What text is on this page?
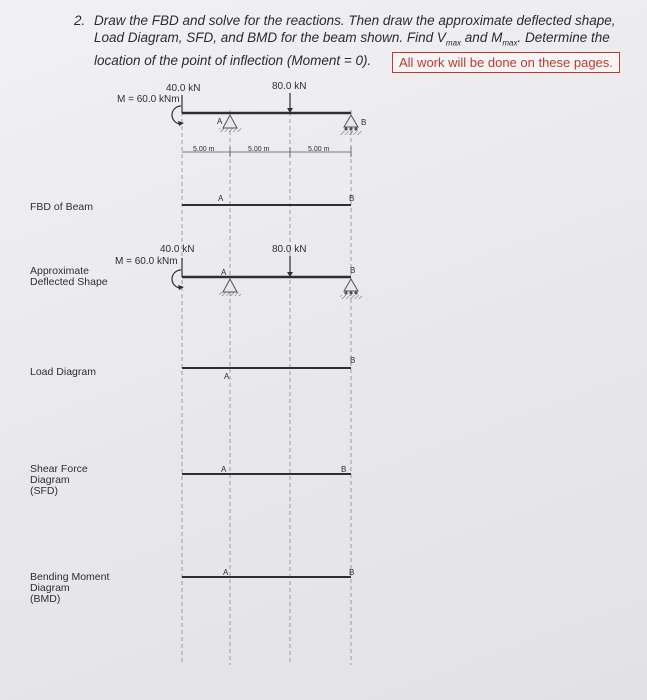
2. Draw the FBD and solve for the reactions. Then draw the approximate deflected shape,
Load Diagram, SFD, and BMD for the beam shown. Find $V_{max}$ and $M_{max}$. Determine the
location of the point of inflection (Moment = 0).	All work will be done on these pages.
FBD of Beam
Approximate
Deflected Shape
Load Diagram
Shear Force
Diagram
(SFD)
Bending Moment
Diagram
(BMD)
40.0 kN
M = 60.0 kNm
80.0 kN
A	B
5.00 m	5.00 m	5.00 m
A	B
40.0 kN
M = 60.0 kNm
80.0 kN
A	B
B
A
A	B
A	B
